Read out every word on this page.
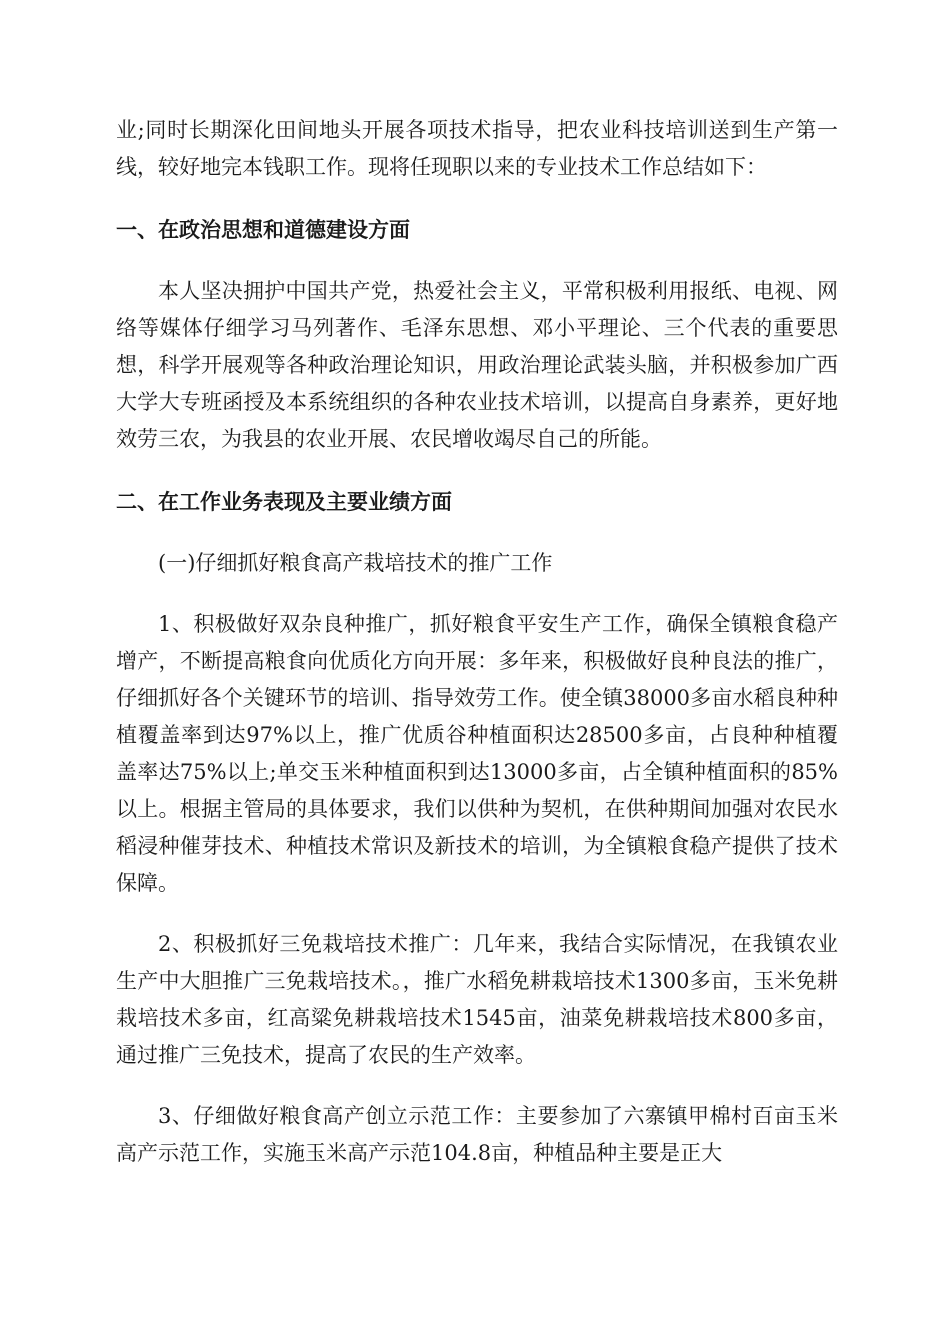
业;同时长期深化田间地头开展各项技术指导，把农业科技培训送到生产第一线，较好地完本钱职工作。现将任现职以来的专业技术工作总结如下：

一、在政治思想和道德建设方面

本人坚决拥护中国共产党，热爱社会主义，平常积极利用报纸、电视、网络等媒体仔细学习马列著作、毛泽东思想、邓小平理论、三个代表的重要思想，科学开展观等各种政治理论知识，用政治理论武装头脑，并积极参加广西大学大专班函授及本系统组织的各种农业技术培训，以提高自身素养，更好地效劳三农，为我县的农业开展、农民增收竭尽自己的所能。

二、在工作业务表现及主要业绩方面

(一)仔细抓好粮食高产栽培技术的推广工作

1、积极做好双杂良种推广，抓好粮食平安生产工作，确保全镇粮食稳产增产，不断提高粮食向优质化方向开展：多年来，积极做好良种良法的推广，仔细抓好各个关键环节的培训、指导效劳工作。使全镇38000多亩水稻良种种植覆盖率到达97%以上，推广优质谷种植面积达28500多亩，占良种种植覆盖率达75%以上;单交玉米种植面积到达13000多亩，占全镇种植面积的85%以上。根据主管局的具体要求，我们以供种为契机，在供种期间加强对农民水稻浸种催芽技术、种植技术常识及新技术的培训，为全镇粮食稳产提供了技术保障。

2、积极抓好三免栽培技术推广：几年来，我结合实际情况，在我镇农业生产中大胆推广三免栽培技术。，推广水稻免耕栽培技术1300多亩，玉米免耕栽培技术多亩，红高粱免耕栽培技术1545亩，油菜免耕栽培技术800多亩，通过推广三免技术，提高了农民的生产效率。

3、仔细做好粮食高产创立示范工作：主要参加了六寨镇甲棉村百亩玉米高产示范工作，实施玉米高产示范104.8亩，种植品种主要是正大
